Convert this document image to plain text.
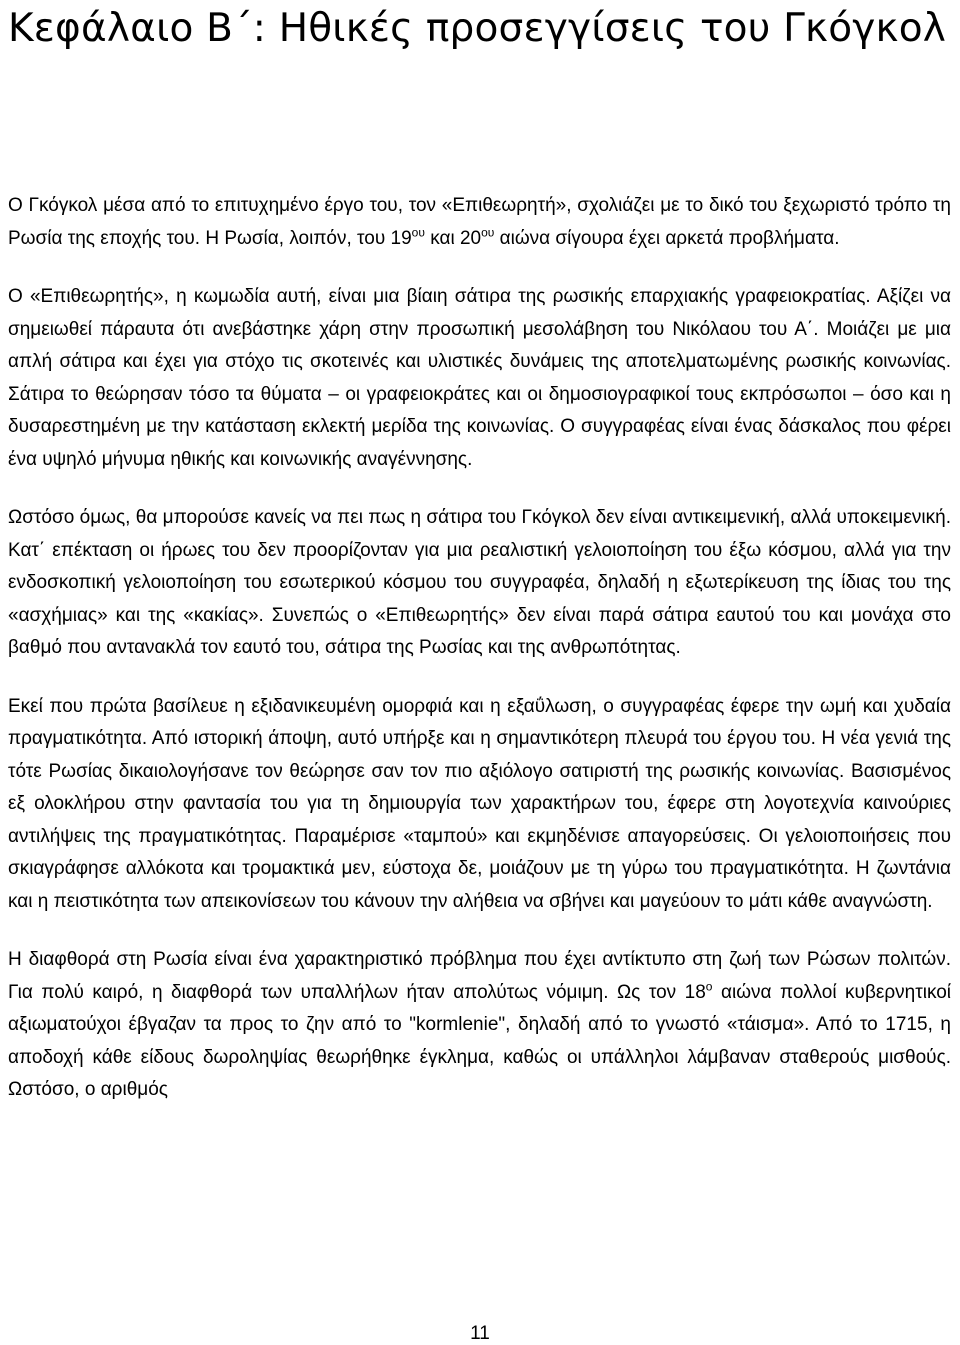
Κεφάλαιο Β΄: Ηθικές προσεγγίσεις του Γκόγκολ

Ο Γκόγκολ μέσα από το επιτυχημένο έργο του, τον «Επιθεωρητή», σχολιάζει με το δικό του ξεχωριστό τρόπο τη Ρωσία της εποχής του. Η Ρωσία, λοιπόν, του $19^{o\upsilon}$ και $20^{o\upsilon}$ αιώνα σίγουρα έχει αρκετά προβλήματα.

Ο «Επιθεωρητής», η κωμωδία αυτή, είναι μια βίαιη σάτιρα της ρωσικής επαρχιακής γραφειοκρατίας. Αξίζει να σημειωθεί πάραυτα ότι ανεβάστηκε χάρη στην προσωπική μεσολάβηση του Νικόλαου του Α΄. Μοιάζει με μια απλή σάτιρα και έχει για στόχο τις σκοτεινές και υλιστικές δυνάμεις της αποτελματωμένης ρωσικής κοινωνίας. Σάτιρα το θεώρησαν τόσο τα θύματα – οι γραφειοκράτες και οι δημοσιογραφικοί τους εκπρόσωποι – όσο και η δυσαρεστημένη με την κατάσταση εκλεκτή μερίδα της κοινωνίας. Ο συγγραφέας είναι ένας δάσκαλος που φέρει ένα υψηλό μήνυμα ηθικής και κοινωνικής αναγέννησης.

Ωστόσο όμως, θα μπορούσε κανείς να πει πως η σάτιρα του Γκόγκολ δεν είναι αντικειμενική, αλλά υποκειμενική. Κατ΄ επέκταση οι ήρωες του δεν προορίζονταν για μια ρεαλιστική γελοιοποίηση του έξω κόσμου, αλλά για την ενδοσκοπική γελοιοποίηση του εσωτερικού κόσμου του συγγραφέα, δηλαδή η εξωτερίκευση της ίδιας του της «ασχήμιας» και της «κακίας». Συνεπώς ο «Επιθεωρητής» δεν είναι παρά σάτιρα εαυτού του και μονάχα στο βαθμό που αντανακλά τον εαυτό του, σάτιρα της Ρωσίας και της ανθρωπότητας.

Εκεί που πρώτα βασίλευε η εξιδανικευμένη ομορφιά και η εξαΰλωση, ο συγγραφέας έφερε την ωμή και χυδαία πραγματικότητα. Από ιστορική άποψη, αυτό υπήρξε και η σημαντικότερη πλευρά του έργου του. Η νέα γενιά της τότε Ρωσίας δικαιολογήσανε τον θεώρησε σαν τον πιο αξιόλογο σατιριστή της ρωσικής κοινωνίας. Βασισμένος εξ ολοκλήρου στην φαντασία του για τη δημιουργία των χαρακτήρων του, έφερε στη λογοτεχνία καινούριες αντιλήψεις της πραγματικότητας. Παραμέρισε «ταμπού» και εκμηδένισε απαγορεύσεις. Οι γελοιοποιήσεις που σκιαγράφησε αλλόκοτα και τρομακτικά μεν, εύστοχα δε, μοιάζουν με τη γύρω του πραγματικότητα. Η ζωντάνια και η πειστικότητα των απεικονίσεων του κάνουν την αλήθεια να σβήνει και μαγεύουν το μάτι κάθε αναγνώστη.

Η διαφθορά στη Ρωσία είναι ένα χαρακτηριστικό πρόβλημα που έχει αντίκτυπο στη ζωή των Ρώσων πολιτών. Για πολύ καιρό, η διαφθορά των υπαλλήλων ήταν απολύτως νόμιμη. Ως τον $18^o$ αιώνα πολλοί κυβερνητικοί αξιωματούχοι έβγαζαν τα προς το ζην από το "kormlenie", δηλαδή από το γνωστό «τάισμα». Από το 1715, η αποδοχή κάθε είδους δωροληψίας θεωρήθηκε έγκλημα, καθώς οι υπάλληλοι λάμβαναν σταθερούς μισθούς. Ωστόσο, ο αριθμός

11
